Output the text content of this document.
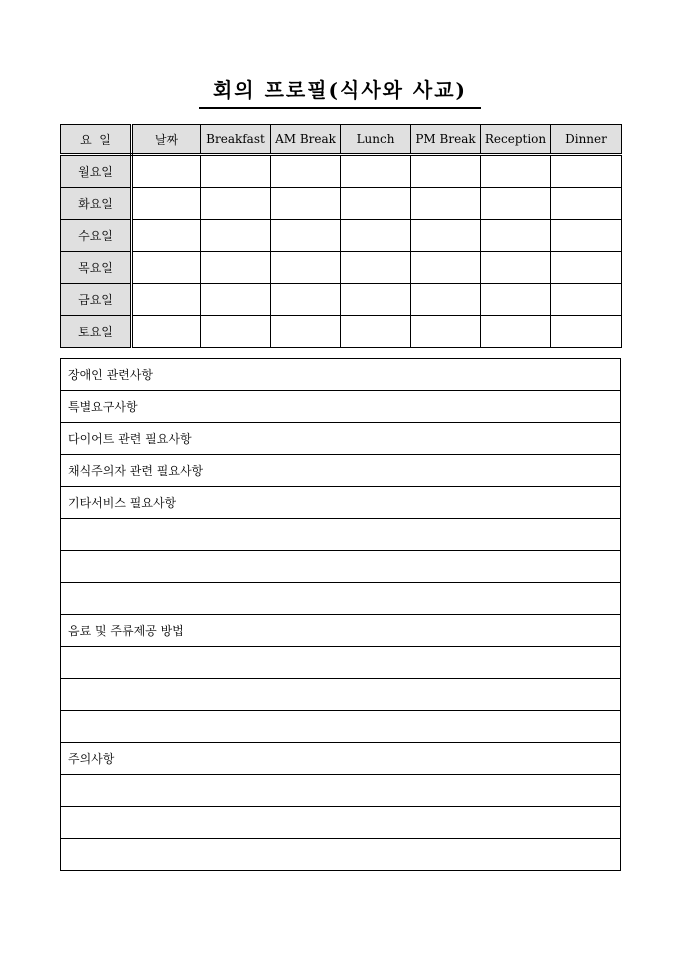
회의 프로필(식사와 사교)
요  일	날짜	Breakfast	AM Break	Lunch	PM Break	Reception	Dinner
월요일							
화요일							
수요일							
목요일							
금요일							
토요일							
장애인 관련사항
특별요구사항
다이어트 관련 필요사항
채식주의자 관련 필요사항
기타서비스 필요사항

음료 및 주류제공 방법

주의사항
